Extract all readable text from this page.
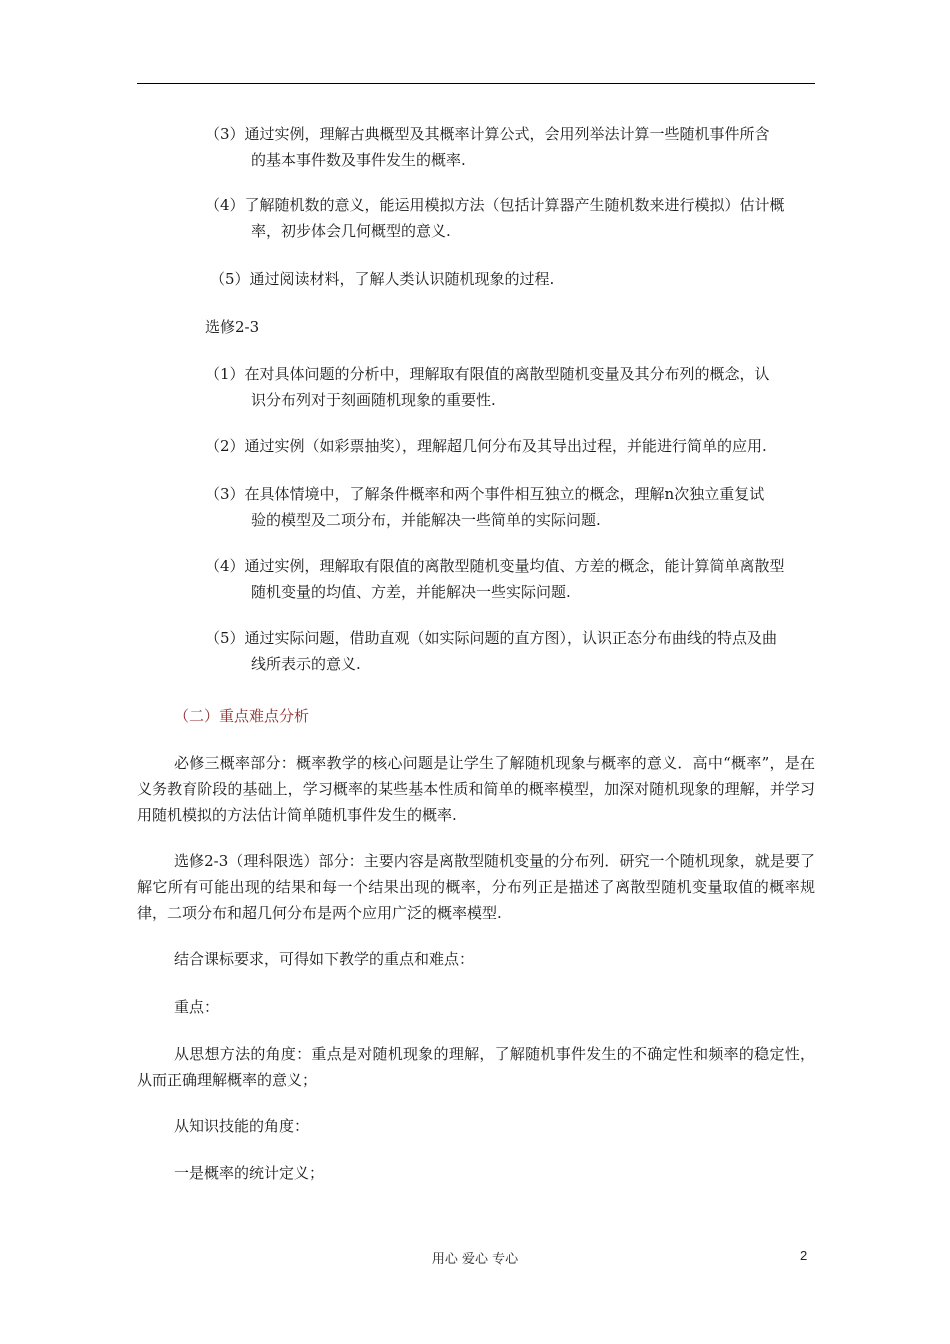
（3）通过实例，理解古典概型及其概率计算公式，会用列举法计算一些随机事件所含
的基本事件数及事件发生的概率.
（4）了解随机数的意义，能运用模拟方法（包括计算器产生随机数来进行模拟）估计概
率，初步体会几何概型的意义.
（5）通过阅读材料，了解人类认识随机现象的过程.
选修2-3
（1）在对具体问题的分析中，理解取有限值的离散型随机变量及其分布列的概念，认
识分布列对于刻画随机现象的重要性.
（2）通过实例（如彩票抽奖），理解超几何分布及其导出过程，并能进行简单的应用.
（3）在具体情境中，了解条件概率和两个事件相互独立的概念，理解n次独立重复试
验的模型及二项分布，并能解决一些简单的实际问题.
（4）通过实例，理解取有限值的离散型随机变量均值、方差的概念，能计算简单离散型
随机变量的均值、方差，并能解决一些实际问题.
（5）通过实际问题，借助直观（如实际问题的直方图），认识正态分布曲线的特点及曲
线所表示的意义.
（二）重点难点分析
必修三概率部分：概率教学的核心问题是让学生了解随机现象与概率的意义．高中“概率”，是在义务教育阶段的基础上，学习概率的某些基本性质和简单的概率模型，加深对随机现象的理解，并学习用随机模拟的方法估计简单随机事件发生的概率.
选修2-3（理科限选）部分：主要内容是离散型随机变量的分布列．研究一个随机现象，就是要了解它所有可能出现的结果和每一个结果出现的概率，分布列正是描述了离散型随机变量取值的概率规律，二项分布和超几何分布是两个应用广泛的概率模型.
结合课标要求，可得如下教学的重点和难点：
重点：
从思想方法的角度：重点是对随机现象的理解，了解随机事件发生的不确定性和频率的稳定性，从而正确理解概率的意义；
从知识技能的角度：
一是概率的统计定义；
用心 爱心 专心	2
